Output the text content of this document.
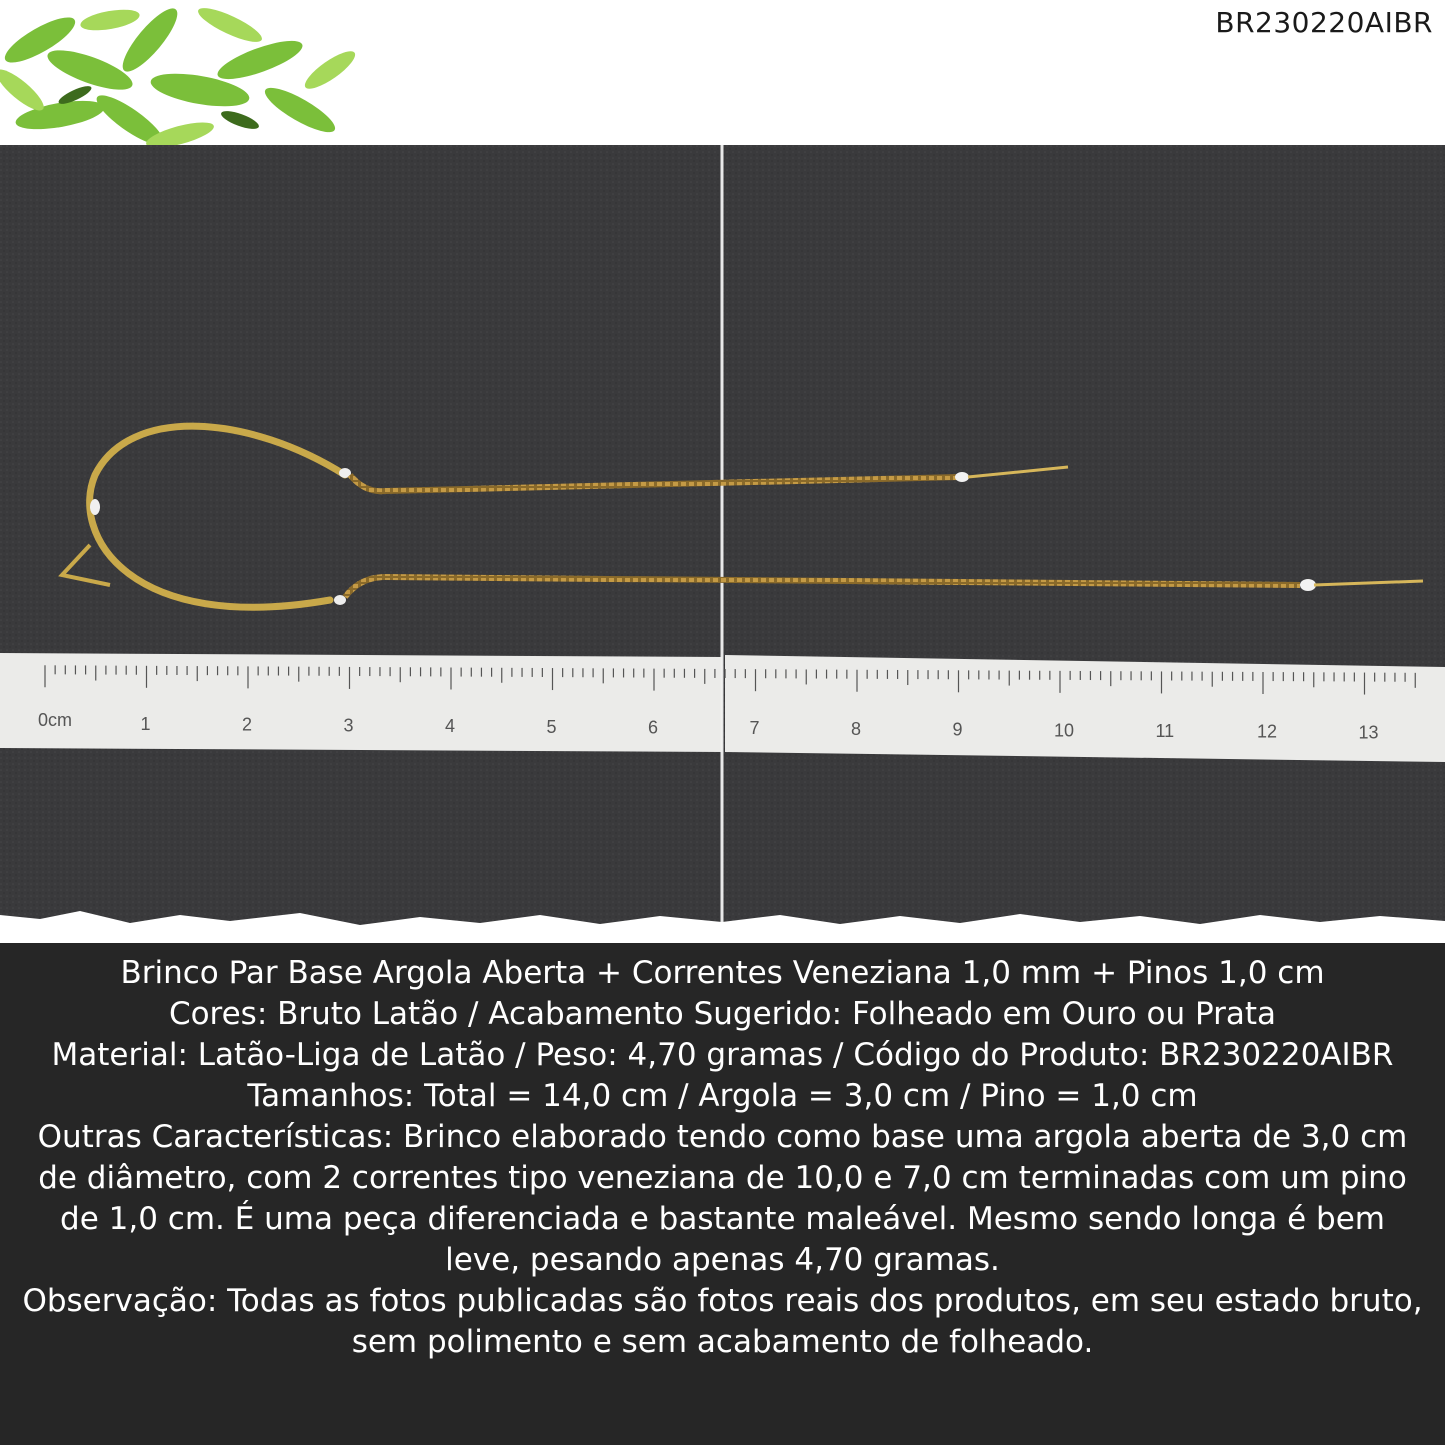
BR230220AIBR
0cm	1	2	3	4	5	6	7	8	9	10	11	12	13
Brinco Par Base Argola Aberta + Correntes Veneziana 1,0 mm + Pinos 1,0 cm
Cores: Bruto Latão / Acabamento Sugerido: Folheado em Ouro ou Prata
Material: Latão-Liga de Latão / Peso: 4,70 gramas / Código do Produto: BR230220AIBR
Tamanhos: Total = 14,0 cm / Argola = 3,0 cm / Pino = 1,0 cm
Outras Características: Brinco elaborado tendo como base uma argola aberta de 3,0 cm de diâmetro, com 2 correntes tipo veneziana de 10,0 e 7,0 cm terminadas com um pino de 1,0 cm. É uma peça diferenciada e bastante maleável. Mesmo sendo longa é bem leve, pesando apenas 4,70 gramas.
Observação: Todas as fotos publicadas são fotos reais dos produtos, em seu estado bruto, sem polimento e sem acabamento de folheado.
